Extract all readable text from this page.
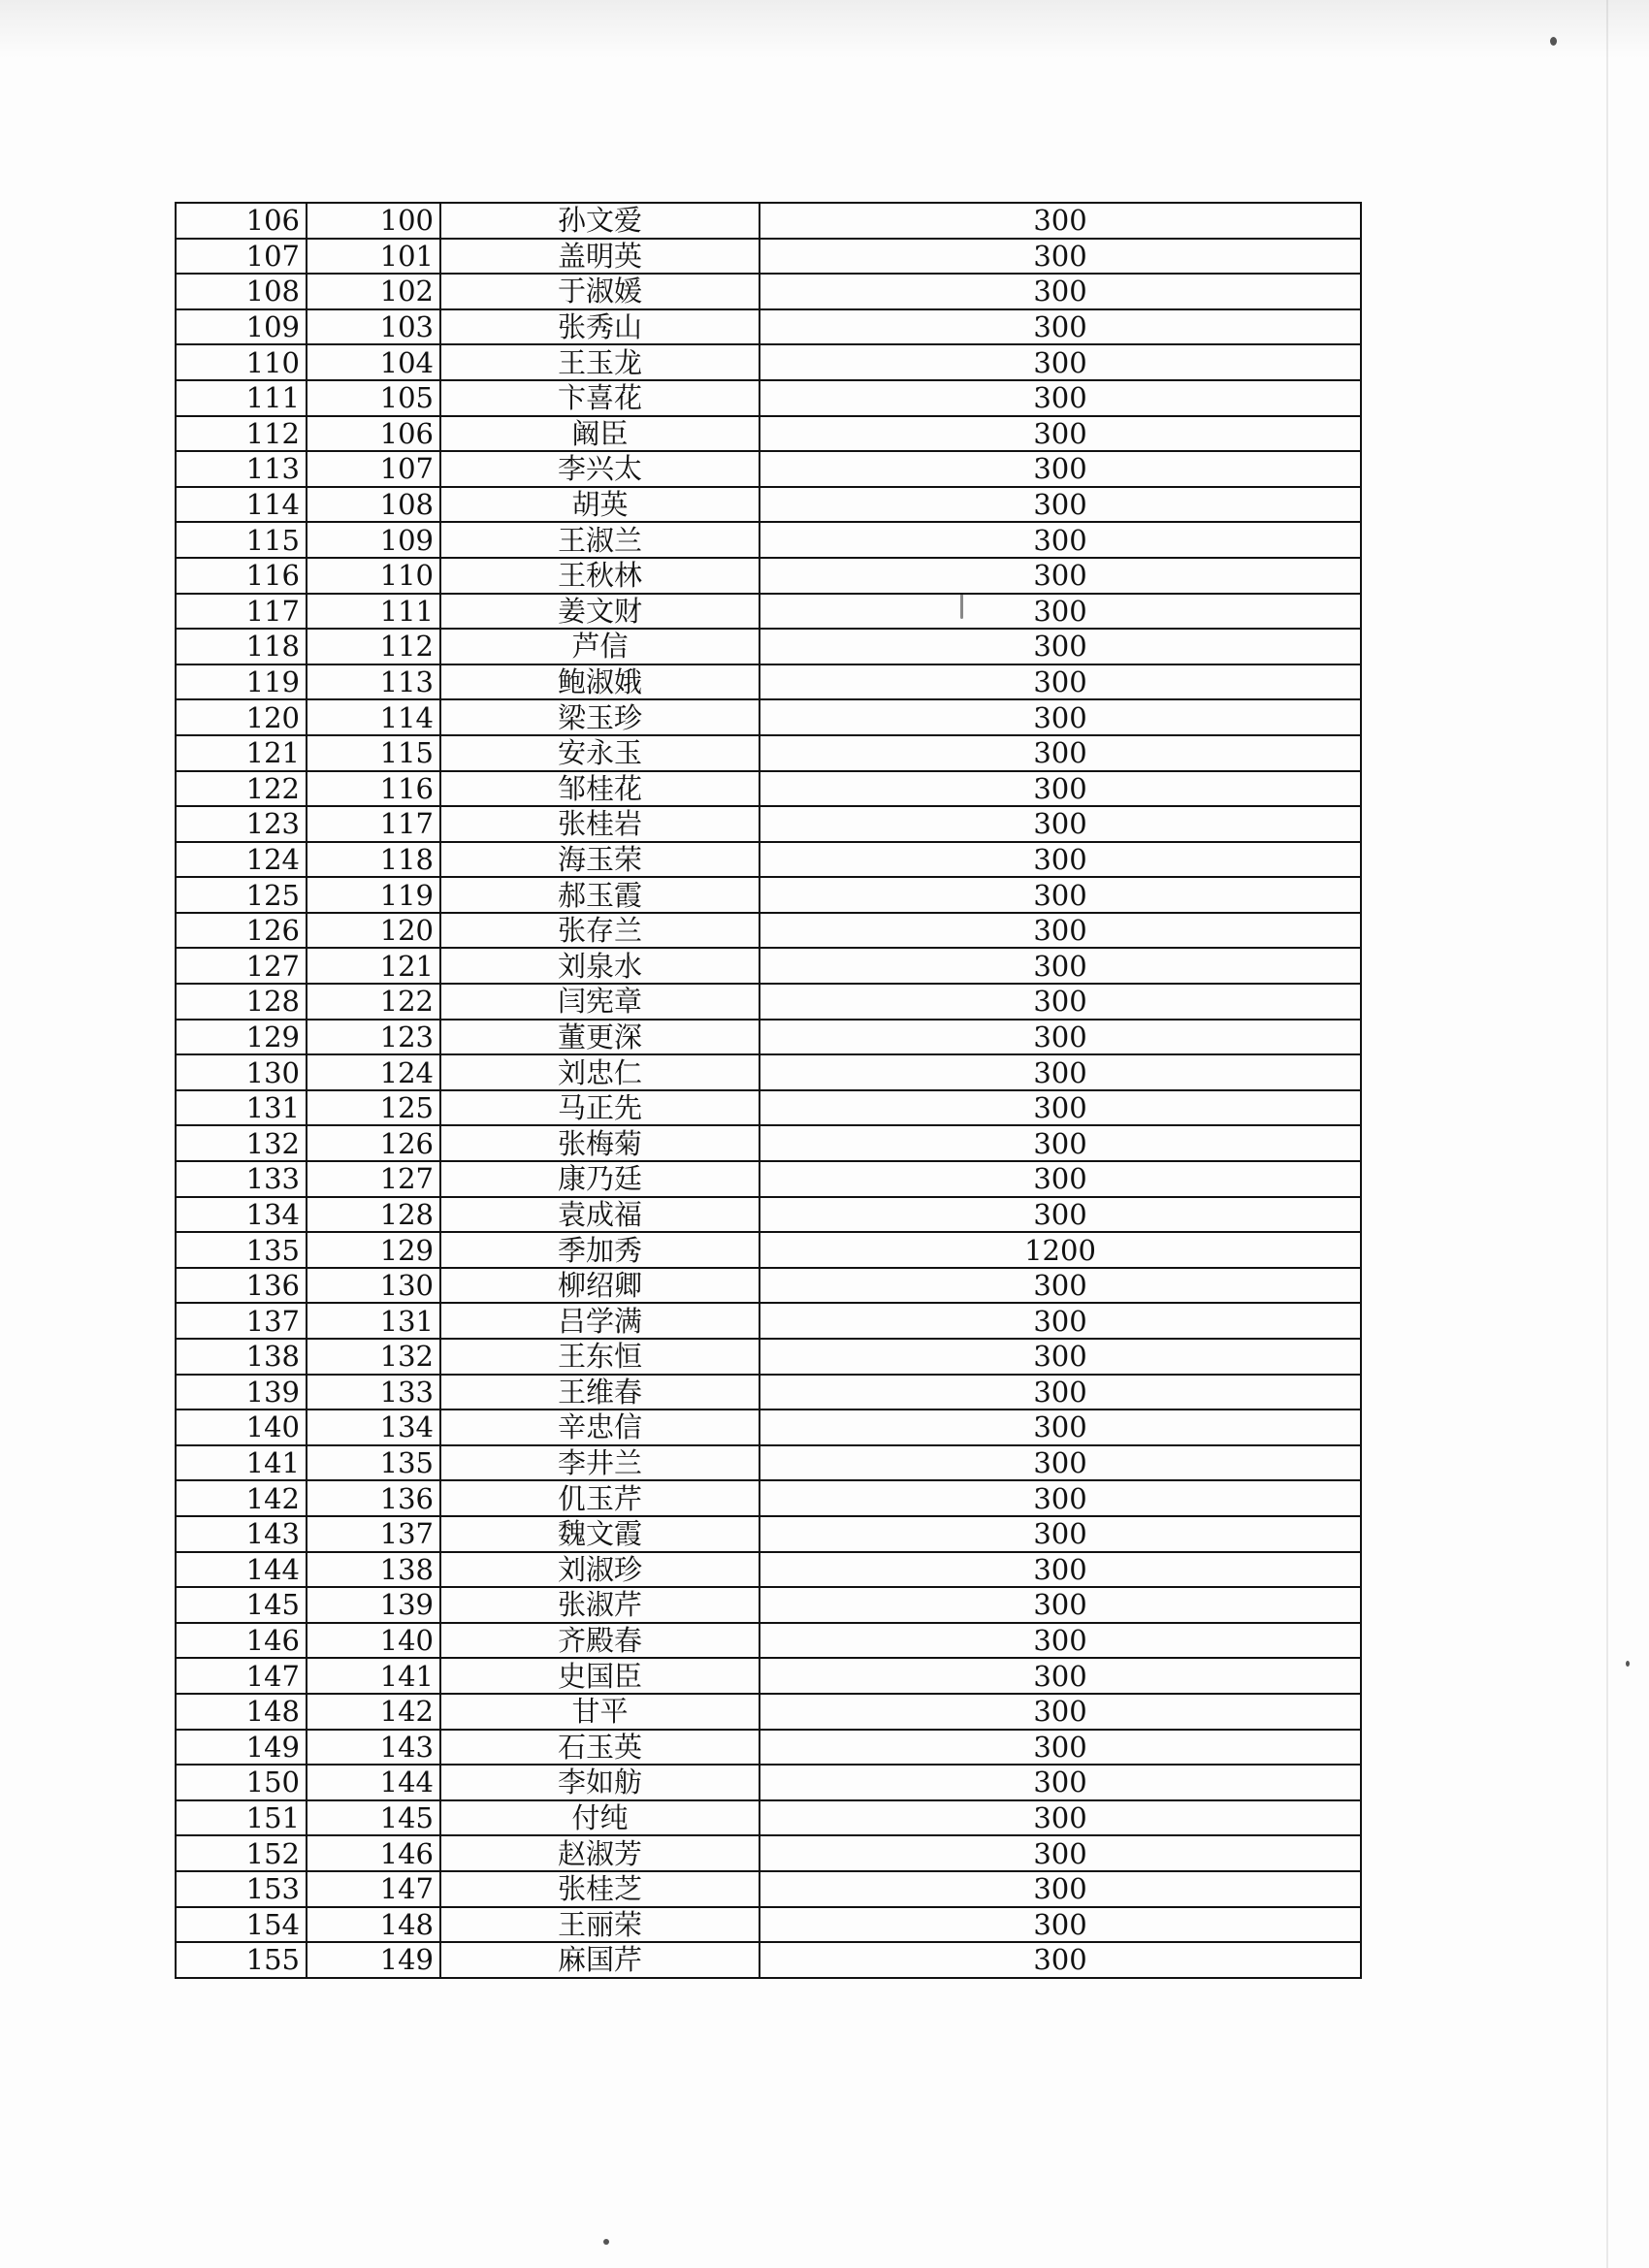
106	100	孙文爱	300
107	101	盖明英	300
108	102	于淑媛	300
109	103	张秀山	300
110	104	王玉龙	300
111	105	卞喜花	300
112	106	阚臣	300
113	107	李兴太	300
114	108	胡英	300
115	109	王淑兰	300
116	110	王秋林	300
117	111	姜文财	300
118	112	芦信	300
119	113	鲍淑娥	300
120	114	梁玉珍	300
121	115	安永玉	300
122	116	邹桂花	300
123	117	张桂岩	300
124	118	海玉荣	300
125	119	郝玉霞	300
126	120	张存兰	300
127	121	刘泉水	300
128	122	闫宪章	300
129	123	董更深	300
130	124	刘忠仁	300
131	125	马正先	300
132	126	张梅菊	300
133	127	康乃廷	300
134	128	袁成福	300
135	129	季加秀	1200
136	130	柳绍卿	300
137	131	吕学满	300
138	132	王东恒	300
139	133	王维春	300
140	134	辛忠信	300
141	135	李井兰	300
142	136	仉玉芹	300
143	137	魏文霞	300
144	138	刘淑珍	300
145	139	张淑芹	300
146	140	齐殿春	300
147	141	史国臣	300
148	142	甘平	300
149	143	石玉英	300
150	144	李如舫	300
151	145	付纯	300
152	146	赵淑芳	300
153	147	张桂芝	300
154	148	王丽荣	300
155	149	麻国芹	300
